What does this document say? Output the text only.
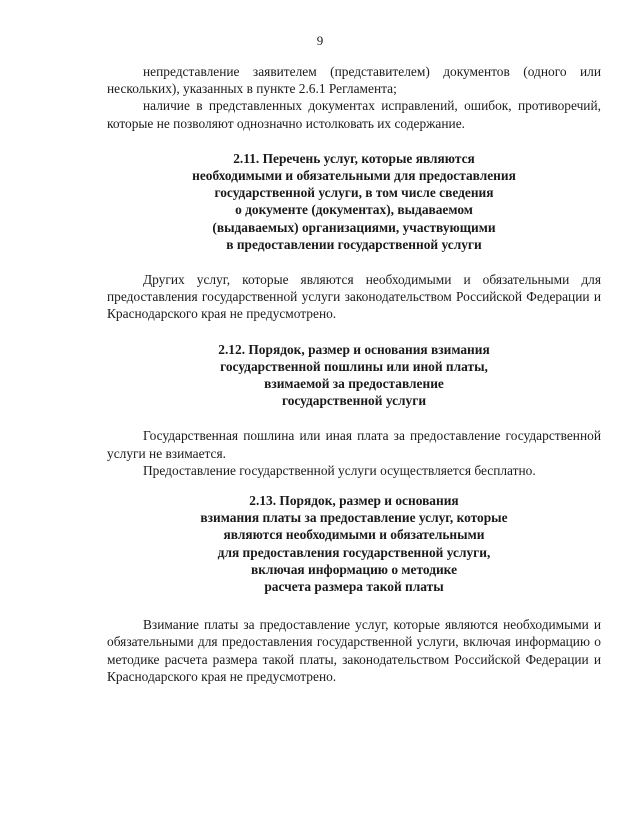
9

непредставление заявителем (представителем) документов (одного или нескольких), указанных в пункте 2.6.1 Регламента;

наличие в представленных документах исправлений, ошибок, противоречий, которые не позволяют однозначно истолковать их содержание.

2.11. Перечень услуг, которые являются
необходимыми и обязательными для предоставления
государственной услуги, в том числе сведения
о документе (документах), выдаваемом
(выдаваемых) организациями, участвующими
в предоставлении государственной услуги

Других услуг, которые являются необходимыми и обязательными для предоставления государственной услуги законодательством Российской Федерации и Краснодарского края не предусмотрено.

2.12. Порядок, размер и основания взимания
государственной пошлины или иной платы,
взимаемой за предоставление
государственной услуги

Государственная пошлина или иная плата за предоставление государственной услуги не взимается.

Предоставление государственной услуги осуществляется бесплатно.

2.13. Порядок, размер и основания
взимания платы за предоставление услуг, которые
являются необходимыми и обязательными
для предоставления государственной услуги,
включая информацию о методике
расчета размера такой платы

Взимание платы за предоставление услуг, которые являются необходимыми и обязательными для предоставления государственной услуги, включая информацию о методике расчета размера такой платы, законодательством Российской Федерации и Краснодарского края не предусмотрено.
